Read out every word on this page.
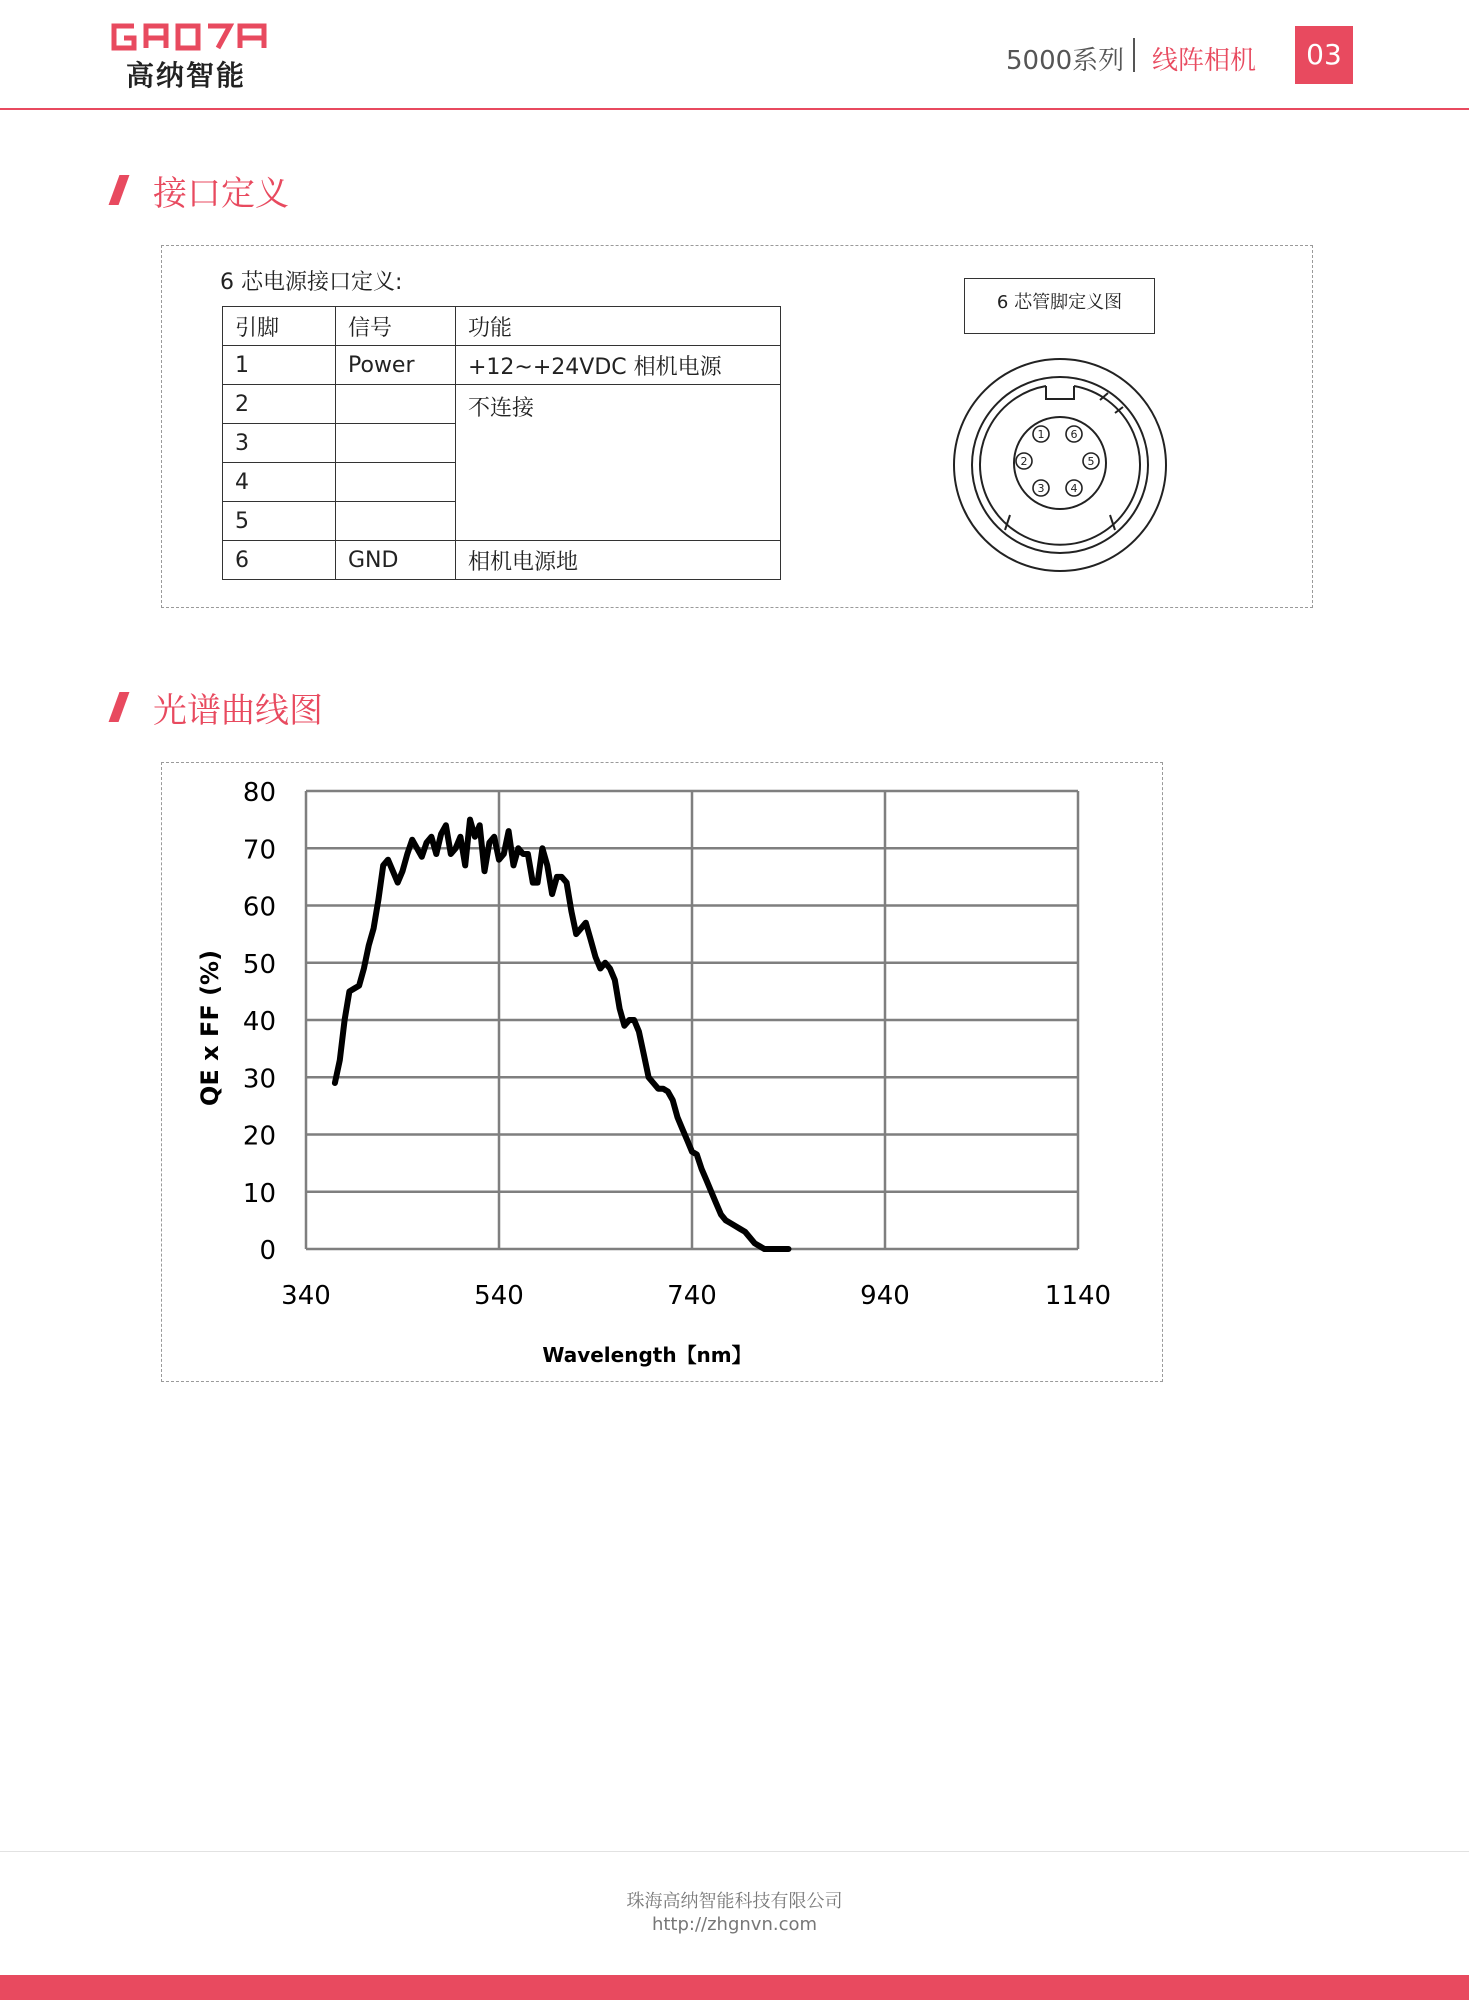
高纳智能	5000系列 线阵相机	03
接口定义
6 芯电源接口定义:
引脚	信号	功能
1	Power	+12~+24VDC 相机电源
2		不连接
3		
4		
5		
6	GND	相机电源地
6 芯管脚定义图
1
2
3 4
5
6
光谱曲线图
0
10
20
30
40
50
60
70
80
340	540	740	940	1140
QE x FF (%)
Wavelength【nm】
珠海高纳智能科技有限公司
http://zhgnvn.com
